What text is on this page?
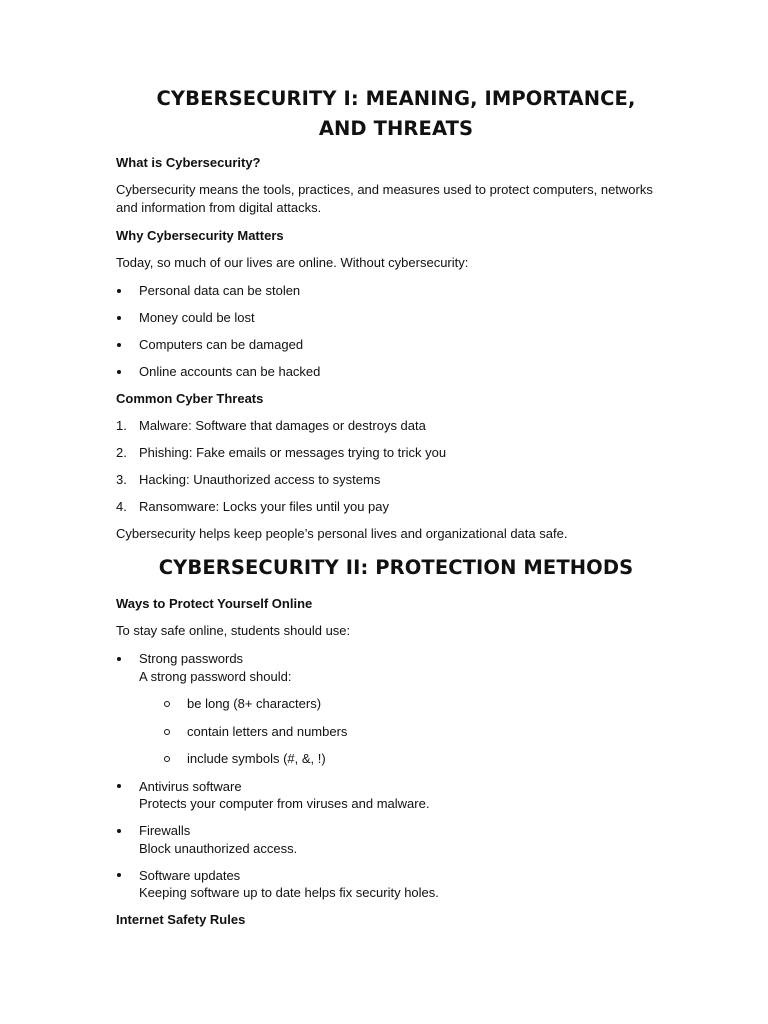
CYBERSECURITY I: MEANING, IMPORTANCE, AND THREATS
What is Cybersecurity?
Cybersecurity means the tools, practices, and measures used to protect computers, networks and information from digital attacks.
Why Cybersecurity Matters
Today, so much of our lives are online. Without cybersecurity:
Personal data can be stolen
Money could be lost
Computers can be damaged
Online accounts can be hacked
Common Cyber Threats
1. Malware: Software that damages or destroys data
2. Phishing: Fake emails or messages trying to trick you
3. Hacking: Unauthorized access to systems
4. Ransomware: Locks your files until you pay
Cybersecurity helps keep people’s personal lives and organizational data safe.
CYBERSECURITY II: PROTECTION METHODS
Ways to Protect Yourself Online
To stay safe online, students should use:
Strong passwords
A strong password should:
be long (8+ characters)
contain letters and numbers
include symbols (#, &, !)
Antivirus software
Protects your computer from viruses and malware.
Firewalls
Block unauthorized access.
Software updates
Keeping software up to date helps fix security holes.
Internet Safety Rules
